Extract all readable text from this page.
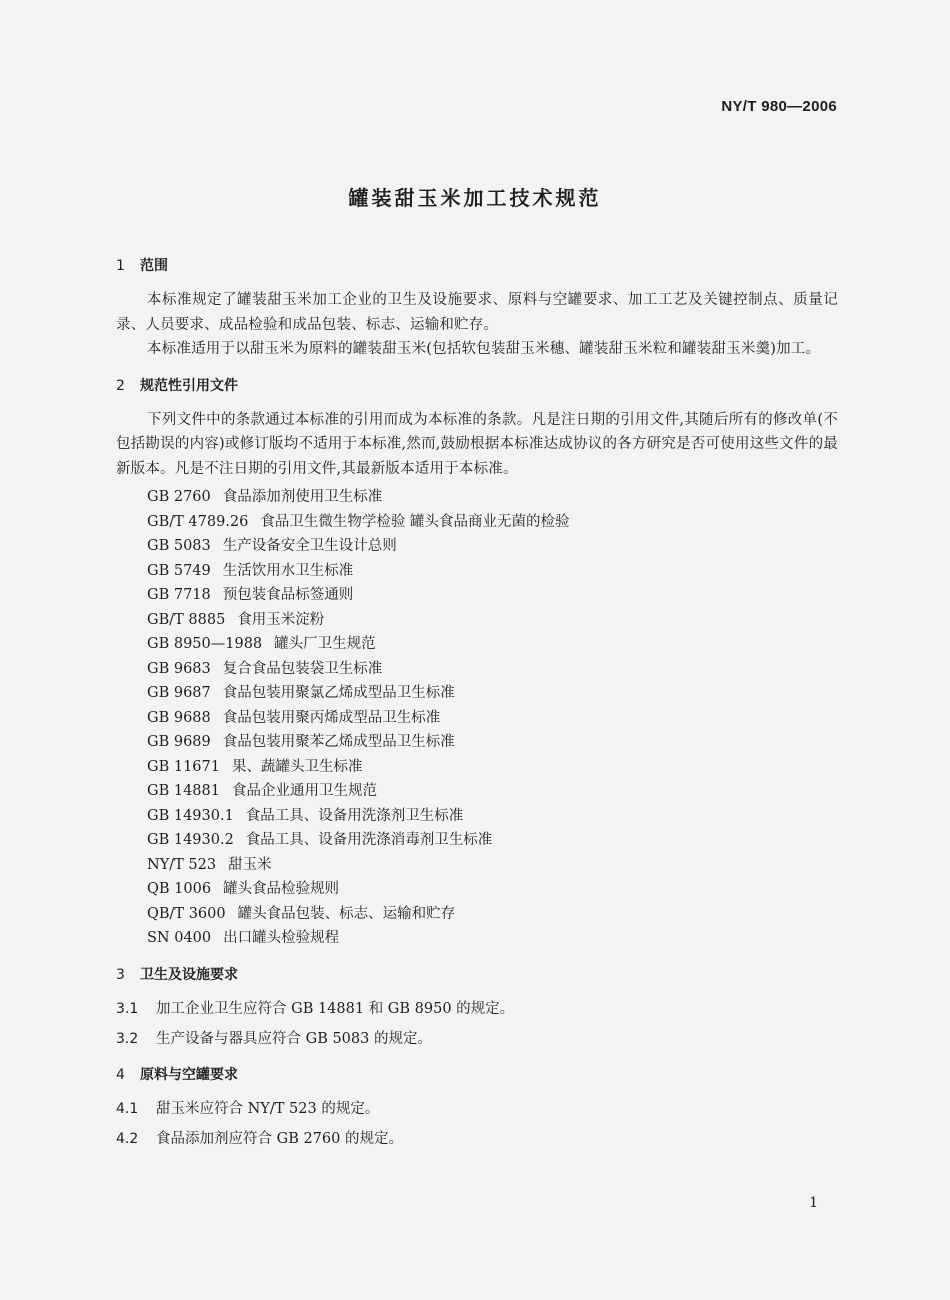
NY/T 980—2006
罐装甜玉米加工技术规范
1 范围

本标准规定了罐装甜玉米加工企业的卫生及设施要求、原料与空罐要求、加工工艺及关键控制点、质量记录、人员要求、成品检验和成品包装、标志、运输和贮存。

本标准适用于以甜玉米为原料的罐装甜玉米(包括软包装甜玉米穗、罐装甜玉米粒和罐装甜玉米羹)加工。

2 规范性引用文件

下列文件中的条款通过本标准的引用而成为本标准的条款。凡是注日期的引用文件,其随后所有的修改单(不包括勘误的内容)或修订版均不适用于本标准,然而,鼓励根据本标准达成协议的各方研究是否可使用这些文件的最新版本。凡是不注日期的引用文件,其最新版本适用于本标准。

GB 2760 食品添加剂使用卫生标准
GB/T 4789.26 食品卫生微生物学检验 罐头食品商业无菌的检验
GB 5083 生产设备安全卫生设计总则
GB 5749 生活饮用水卫生标准
GB 7718 预包装食品标签通则
GB/T 8885 食用玉米淀粉
GB 8950—1988 罐头厂卫生规范
GB 9683 复合食品包装袋卫生标准
GB 9687 食品包装用聚氯乙烯成型品卫生标准
GB 9688 食品包装用聚丙烯成型品卫生标准
GB 9689 食品包装用聚苯乙烯成型品卫生标准
GB 11671 果、蔬罐头卫生标准
GB 14881 食品企业通用卫生规范
GB 14930.1 食品工具、设备用洗涤剂卫生标准
GB 14930.2 食品工具、设备用洗涤消毒剂卫生标准
NY/T 523 甜玉米
QB 1006 罐头食品检验规则
QB/T 3600 罐头食品包装、标志、运输和贮存
SN 0400 出口罐头检验规程
3 卫生及设施要求
3.1 加工企业卫生应符合 GB 14881 和 GB 8950 的规定。
3.2 生产设备与器具应符合 GB 5083 的规定。
4 原料与空罐要求
4.1 甜玉米应符合 NY/T 523 的规定。
4.2 食品添加剂应符合 GB 2760 的规定。
1
